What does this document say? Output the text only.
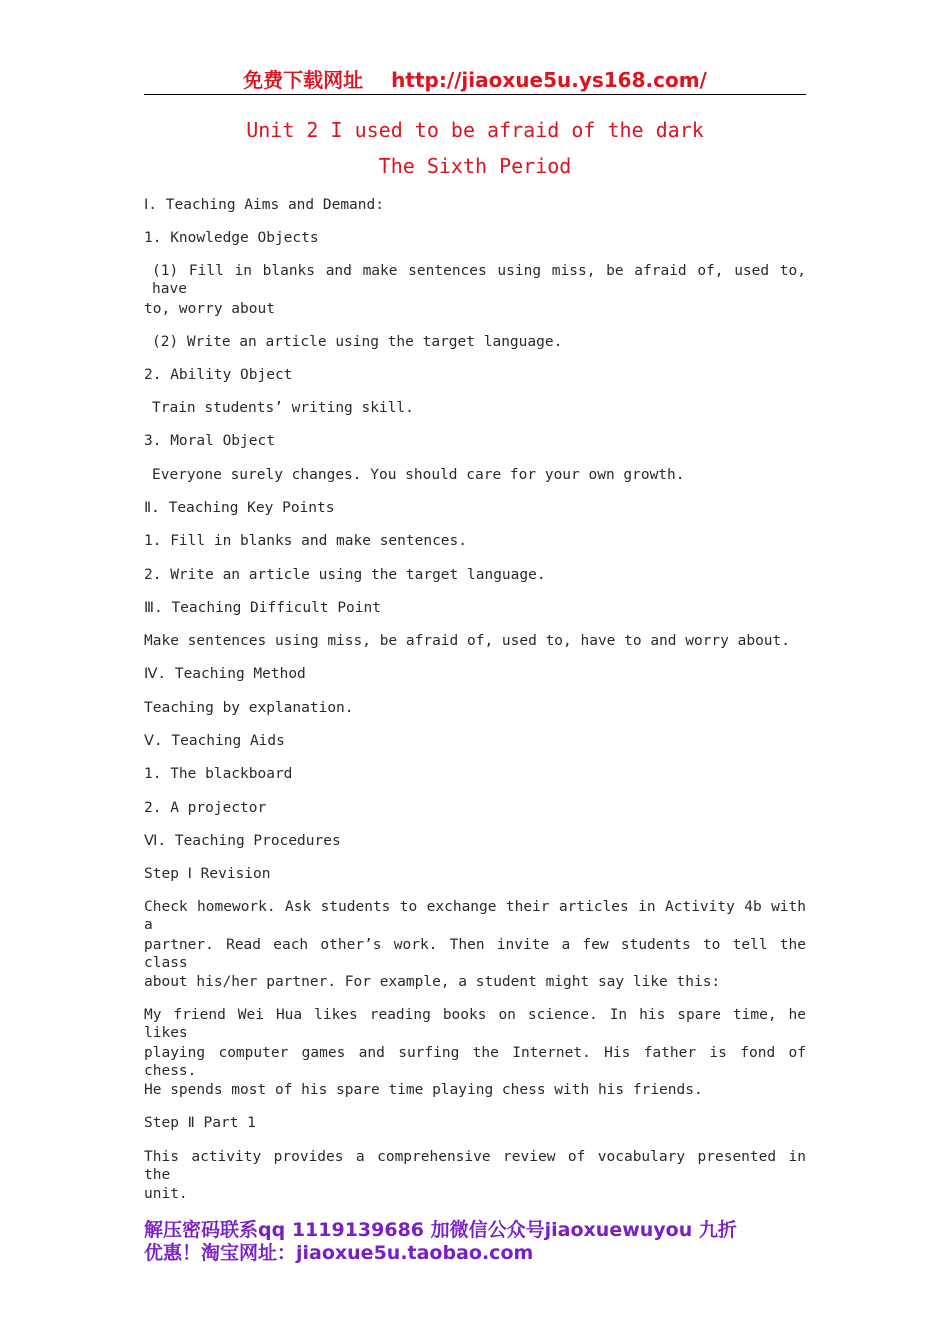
免费下载网址 http://jiaoxue5u.ys168.com/
Unit 2 I used to be afraid of the dark
The Sixth Period
Ⅰ. Teaching Aims and Demand:
1. Knowledge Objects
(1) Fill in blanks and make sentences using miss, be afraid of, used to, have
to, worry about
(2) Write an article using the target language.
2. Ability Object
Train students’ writing skill.
3. Moral Object
Everyone surely changes. You should care for your own growth.
Ⅱ. Teaching Key Points
1. Fill in blanks and make sentences.
2. Write an article using the target language.
Ⅲ. Teaching Difficult Point
Make sentences using miss, be afraid of, used to, have to and worry about.
Ⅳ. Teaching Method
Teaching by explanation.
Ⅴ. Teaching Aids
1. The blackboard
2. A projector
Ⅵ. Teaching Procedures
Step Ⅰ Revision
Check homework. Ask students to exchange their articles in Activity 4b with a
partner. Read each other’s work. Then invite a few students to tell the class
about his/her partner. For example, a student might say like this:
My friend Wei Hua likes reading books on science. In his spare time, he likes
playing computer games and surfing the Internet. His father is fond of chess.
He spends most of his spare time playing chess with his friends.
Step Ⅱ Part 1
This activity provides a comprehensive review of vocabulary presented in the
unit.
解压密码联系qq 1119139686 加微信公众号jiaoxuewuyou 九折
优惠！淘宝网址：jiaoxue5u.taobao.com
